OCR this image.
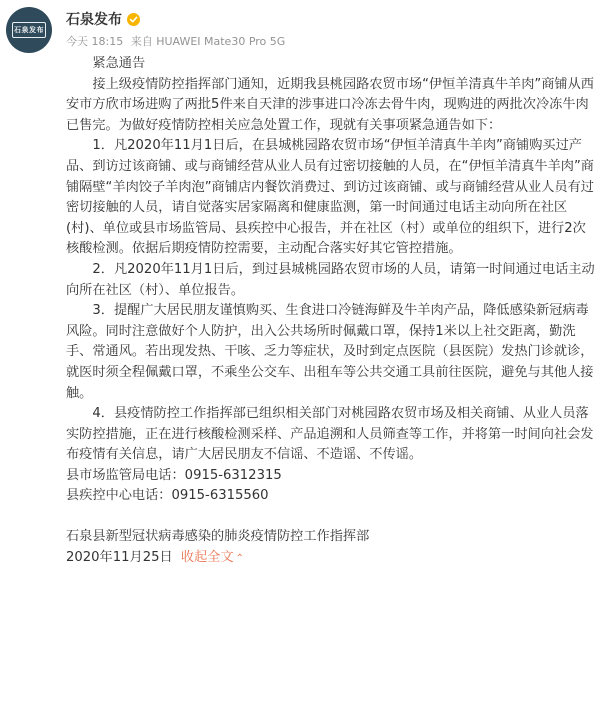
石泉发布
石泉发布
今天 18:15 来自 HUAWEI Mate30 Pro 5G

紧急通告

接上级疫情防控指挥部门通知，近期我县桃园路农贸市场“伊恒羊清真牛羊肉”商铺从西安市方欣市场进购了两批5件来自天津的涉事进口冷冻去骨牛肉，现购进的两批次冷冻牛肉已售完。为做好疫情防控相关应急处置工作，现就有关事项紧急通告如下：

1．凡2020年11月1日后，在县城桃园路农贸市场“伊恒羊清真牛羊肉”商铺购买过产品、到访过该商铺、或与商铺经营从业人员有过密切接触的人员，在“伊恒羊清真牛羊肉”商铺隔壁“羊肉饺子羊肉泡”商铺店内餐饮消费过、到访过该商铺、或与商铺经营从业人员有过密切接触的人员，请自觉落实居家隔离和健康监测，第一时间通过电话主动向所在社区(村)、单位或县市场监管局、县疾控中心报告，并在社区（村）或单位的组织下，进行2次核酸检测。依据后期疫情防控需要，主动配合落实好其它管控措施。

2．凡2020年11月1日后，到过县城桃园路农贸市场的人员，请第一时间通过电话主动向所在社区（村）、单位报告。

3．提醒广大居民朋友谨慎购买、生食进口冷链海鲜及牛羊肉产品，降低感染新冠病毒风险。同时注意做好个人防护，出入公共场所时佩戴口罩，保持1米以上社交距离，勤洗手、常通风。若出现发热、干咳、乏力等症状，及时到定点医院（县医院）发热门诊就诊，就医时须全程佩戴口罩，不乘坐公交车、出租车等公共交通工具前往医院，避免与其他人接触。

4．县疫情防控工作指挥部已组织相关部门对桃园路农贸市场及相关商铺、从业人员落实防控措施，正在进行核酸检测采样、产品追溯和人员筛查等工作，并将第一时间向社会发布疫情有关信息，请广大居民朋友不信谣、不造谣、不传谣。

县市场监管局电话：0915-6312315

县疾控中心电话：0915-6315560

石泉县新型冠状病毒感染的肺炎疫情防控工作指挥部

2020年11月25日 收起全文 ⌃
